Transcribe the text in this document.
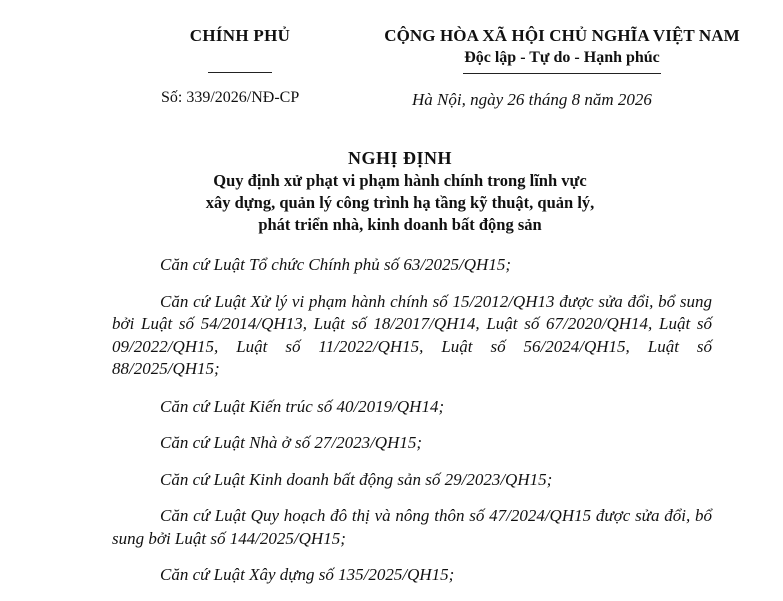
CHÍNH PHỦ
Số: 339/2026/NĐ-CP
CỘNG HÒA XÃ HỘI CHỦ NGHĨA VIỆT NAM
Độc lập - Tự do - Hạnh phúc
Hà Nội, ngày 26 tháng 8 năm 2026
NGHỊ ĐỊNH
Quy định xử phạt vi phạm hành chính trong lĩnh vực
xây dựng, quản lý công trình hạ tầng kỹ thuật, quản lý,
phát triển nhà, kinh doanh bất động sản

Căn cứ Luật Tổ chức Chính phủ số 63/2025/QH15;

Căn cứ Luật Xử lý vi phạm hành chính số 15/2012/QH13 được sửa đổi, bổ sung bởi Luật số 54/2014/QH13, Luật số 18/2017/QH14, Luật số 67/2020/QH14, Luật số 09/2022/QH15, Luật số 11/2022/QH15, Luật số 56/2024/QH15, Luật số 88/2025/QH15;

Căn cứ Luật Kiến trúc số 40/2019/QH14;

Căn cứ Luật Nhà ở số 27/2023/QH15;

Căn cứ Luật Kinh doanh bất động sản số 29/2023/QH15;

Căn cứ Luật Quy hoạch đô thị và nông thôn số 47/2024/QH15 được sửa đổi, bổ sung bởi Luật số 144/2025/QH15;

Căn cứ Luật Xây dựng số 135/2025/QH15;
